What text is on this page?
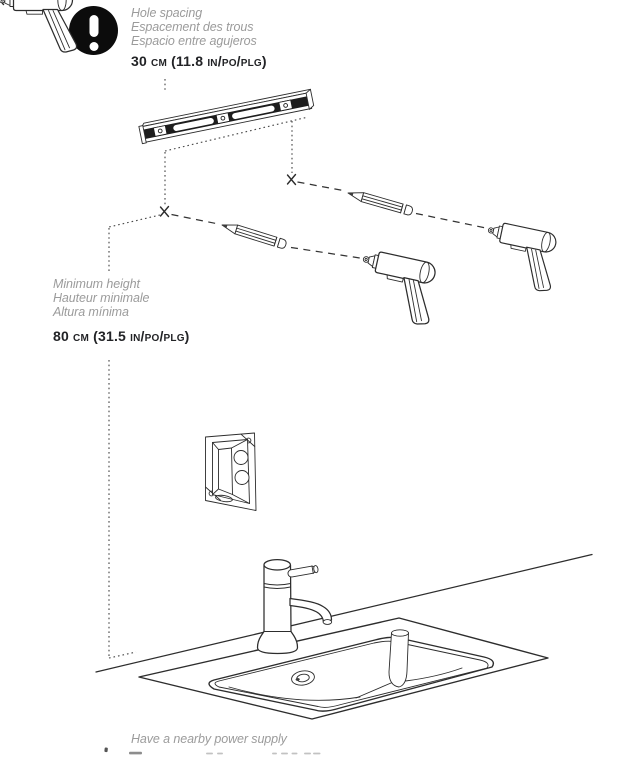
Hole spacing
Espacement des trous
Espacio entre agujeros
30 cm (11.8 in/po/plg)
Minimum height
Hauteur minimale
Altura mínima
80 cm (31.5 in/po/plg)
Have a nearby power supply
